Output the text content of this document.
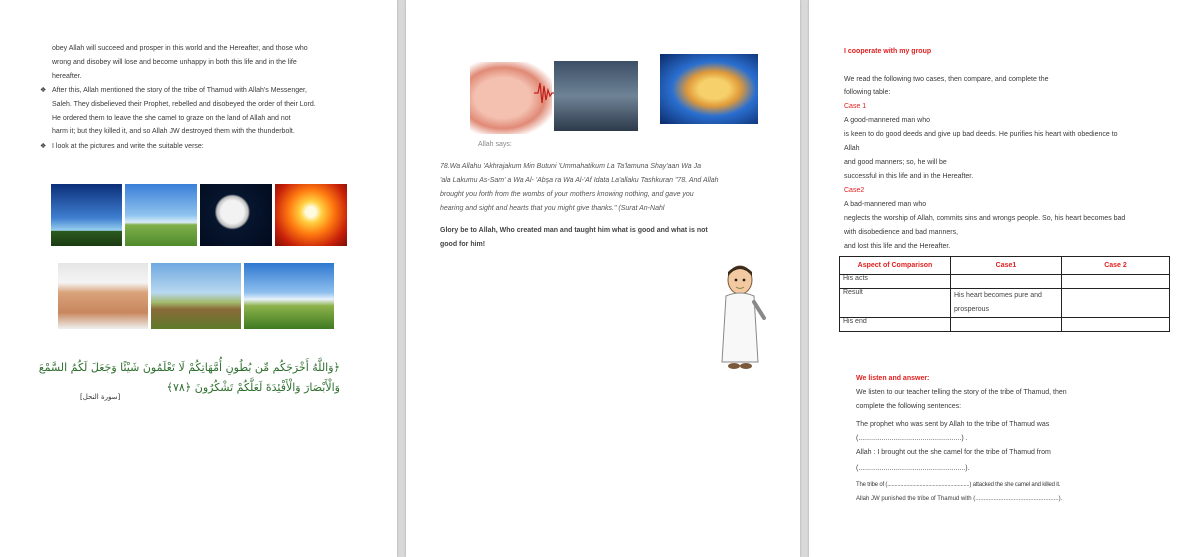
obey Allah will succeed and prosper in this world and the Hereafter, and those who
wrong and disobey will lose and become unhappy in both this life and in the life
hereafter.
❖ After this, Allah mentioned the story of the tribe of Thamud with Allah's Messenger,
Saleh. They disbelieved their Prophet, rebelled and disobeyed the order of their Lord.
He ordered them to leave the she camel to graze on the land of Allah and not
harm it; but they killed it, and so Allah JW destroyed them with the thunderbolt.
❖ I look at the pictures and write the suitable verse:
﴿وَاللَّهُ أَخْرَجَكُم مِّن بُطُونِ أُمَّهَاتِكُمْ لَا تَعْلَمُونَ شَيْئًا وَجَعَلَ لَكُمُ السَّمْعَ
وَالْأَبْصَارَ وَالْأَفْئِدَةَ لَعَلَّكُمْ تَشْكُرُونَ ﴿٧٨﴾
[سورة النحل]
Allah says:
78.Wa Allahu 'Akhrajakum Min Butuni 'Ummahatikum La Ta'lamuna Shay'aan Wa Ja
'ala Lakumu As-Sam' a Wa Al- 'Abşa ra Wa Al-'Af Idata La'allaku Tashkuran "78. And Allah
brought you forth from the wombs of your mothers knowing nothing, and gave you
hearing and sight and hearts that you might give thanks." (Surat An-Nahl
Glory be to Allah, Who created man and taught him what is good and what is not
good for him!
I cooperate with my group
We read the following two cases, then compare, and complete the
following table:
Case 1
A good-mannered man who
is keen to do good deeds and give up bad deeds. He purifies his heart with obedience to
Allah
and good manners; so, he will be
successful in this life and in the Hereafter.
Case2
A bad-mannered man who
neglects the worship of Allah, commits sins and wrongs people. So, his heart becomes bad
with disobedience and bad manners,
and lost this life and the Hereafter.
Aspect of Comparison	Case1	Case 2
His acts		
Result	His heart becomes pure and prosperous	
His end		
We listen and answer:
We listen to our teacher telling the story of the tribe of Thamud, then
complete the following sentences:
The prophet who was sent by Allah to the tribe of Thamud was
(.....................................................) .
Allah : I brought out the she camel for the tribe of Thamud from
(.......................................................).
The tribe of (........................................................) attacked the she camel and killed it.
Allah JW punished the tribe of Thamud with (..................................................).
